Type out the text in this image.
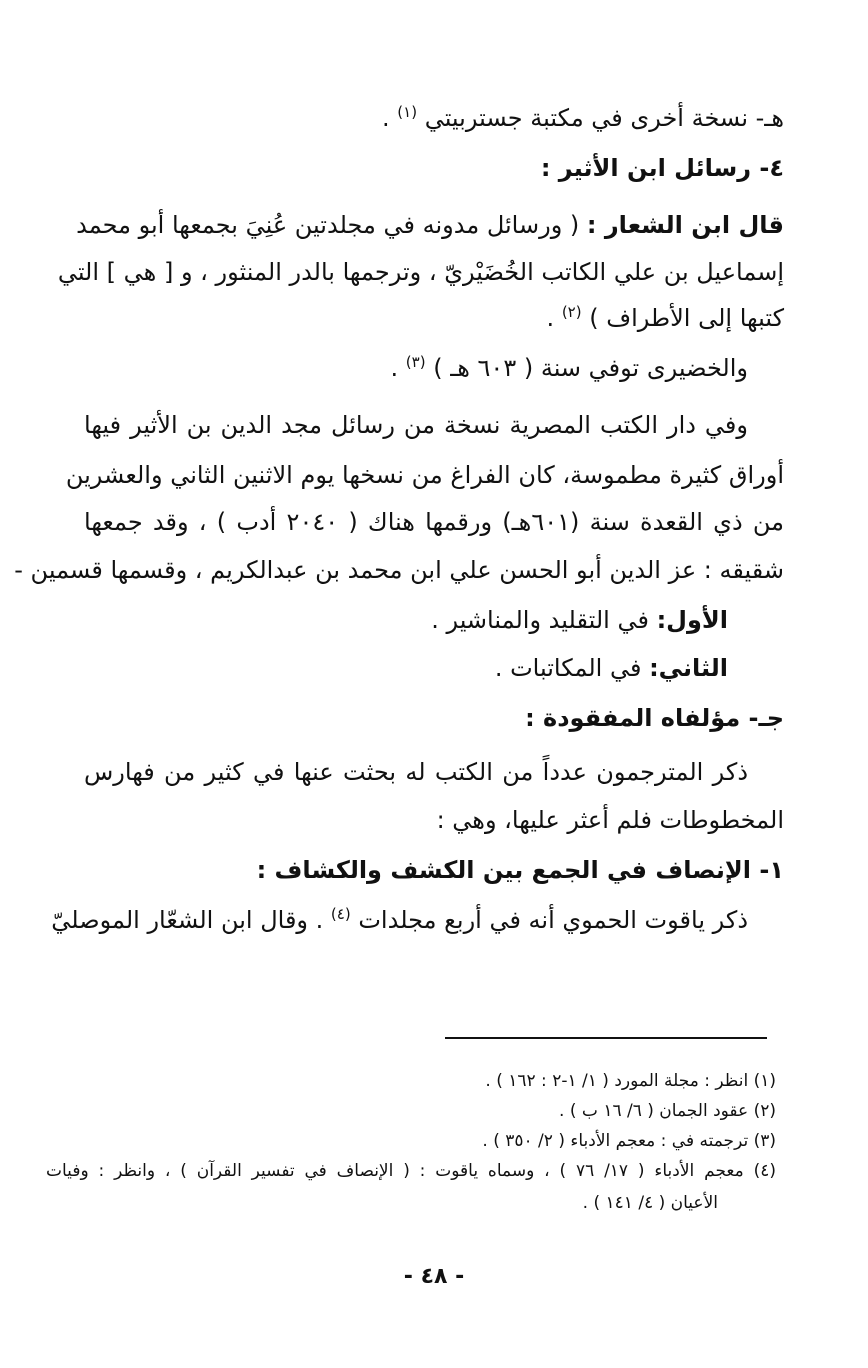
هـ- نسخة أخرى في مكتبة جستربيتي $^{(١)}$ .
٤- رسائل ابن الأثير :
قال ابن الشعار : ( ورسائل مدونه في مجلدتين عُنِيَ بجمعها أبو محمد
إسماعيل بن علي الكاتب الخُضَيْريّ ، وترجمها بالدر المنثور ، و [ هي ] التي
كتبها إلى الأطراف ) $^{(٢)}$ .
والخضيرى توفي سنة ( ٦٠٣ هـ ) $^{(٣)}$ .
وفي دار الكتب المصرية نسخة من رسائل مجد الدين بن الأثير فيها
أوراق كثيرة مطموسة، كان الفراغ من نسخها يوم الاثنين الثاني والعشرين
من ذي القعدة سنة (٦٠١هـ) ورقمها هناك ( ٢٠٤٠ أدب ) ، وقد جمعها
شقيقه : عز الدين أبو الحسن علي ابن محمد بن عبدالكريم ، وقسمها قسمين -
الأول: في التقليد والمناشير .
الثاني: في المكاتبات .
جـ- مؤلفاه المفقودة :
ذكر المترجمون عدداً من الكتب له بحثت عنها في كثير من فهارس
المخطوطات فلم أعثر عليها، وهي :
١- الإنصاف في الجمع بين الكشف والكشاف :
ذكر ياقوت الحموي أنه في أربع مجلدات $^{(٤)}$ . وقال ابن الشعّار الموصليّ
(١) انظر : مجلة المورد ( ١/ ١-٢ : ١٦٢ ) .
(٢) عقود الجمان ( ٦/ ١٦ ب ) .
(٣) ترجمته في : معجم الأدباء ( ٢/ ٣٥٠ ) .
(٤) معجم الأدباء ( ١٧/ ٧٦ ) ، وسماه ياقوت : ( الإنصاف في تفسير القرآن ) ، وانظر : وفيات
الأعيان ( ٤/ ١٤١ ) .
- ٤٨ -
